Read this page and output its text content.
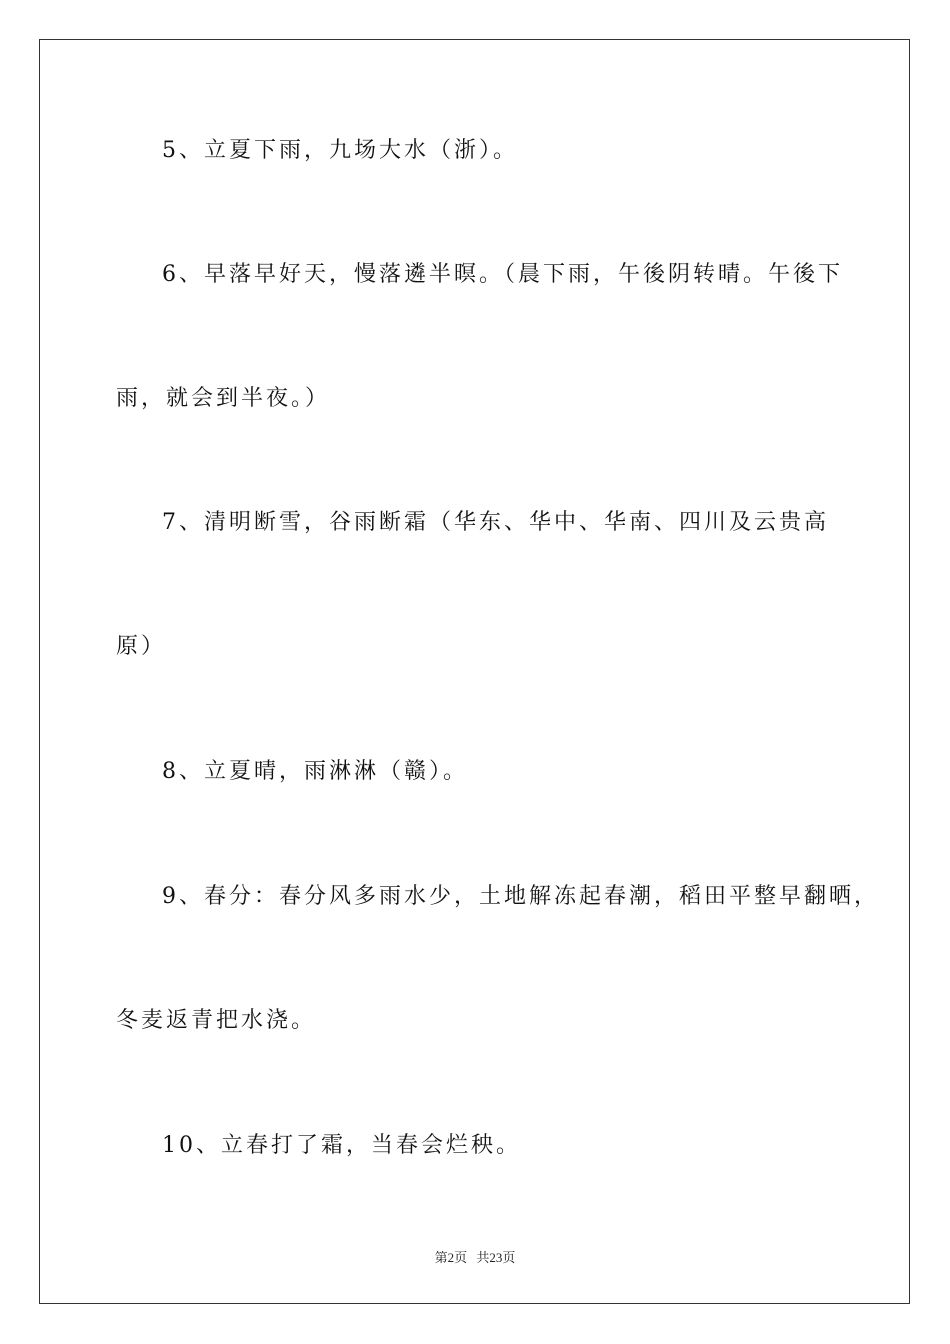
5、立夏下雨，九场大水（浙）。
6、早落早好天，慢落遴半暝。（晨下雨，午後阴转晴。午後下
雨，就会到半夜。）
7、清明断雪，谷雨断霜（华东、华中、华南、四川及云贵高
原）
8、立夏晴，雨淋淋（赣）。
9、春分：春分风多雨水少，土地解冻起春潮，稻田平整早翻晒，
冬麦返青把水浇。
10、立春打了霜，当春会烂秧。
第2页 共23页
